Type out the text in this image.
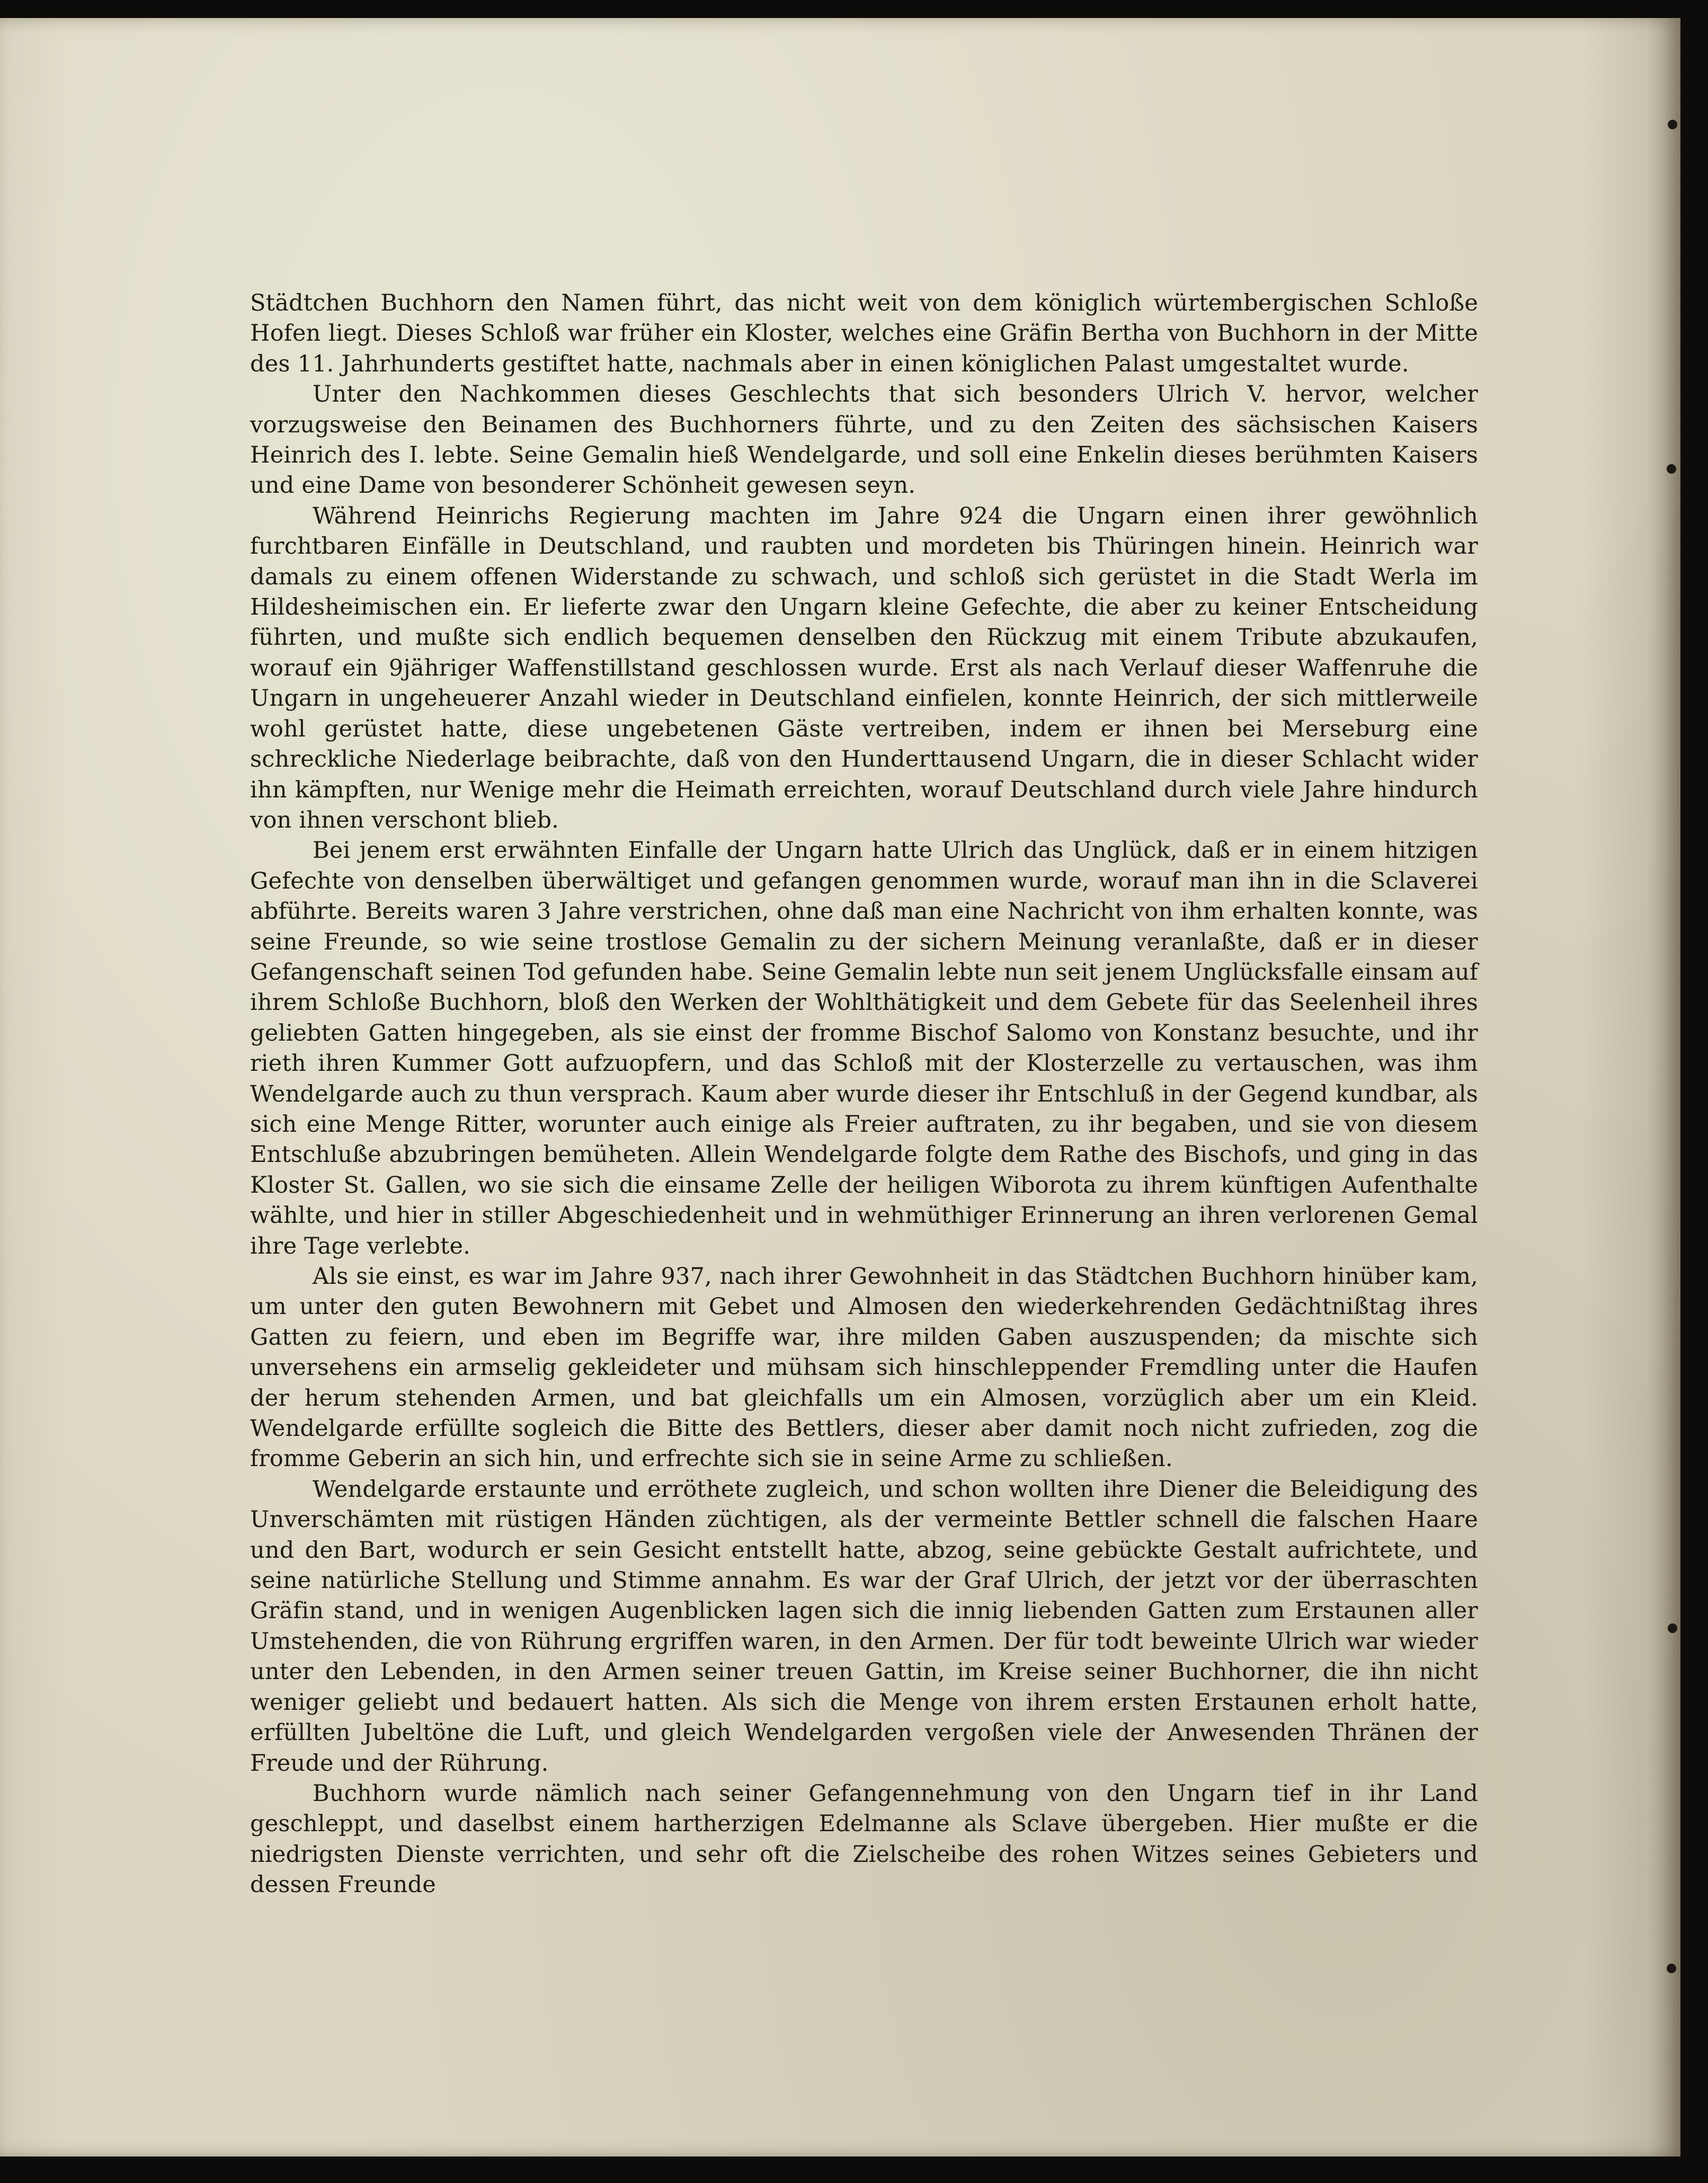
Städtchen Buchhorn den Namen führt, das nicht weit von dem königlich würtembergischen Schloße Hofen liegt. Dieses Schloß war früher ein Kloster, welches eine Gräfin Bertha von Buchhorn in der Mitte des 11. Jahrhunderts gestiftet hatte, nachmals aber in einen königlichen Palast umgestaltet wurde.

Unter den Nachkommen dieses Geschlechts that sich besonders Ulrich V. hervor, welcher vorzugsweise den Beinamen des Buchhorners führte, und zu den Zeiten des sächsischen Kaisers Heinrich des I. lebte. Seine Gemalin hieß Wendelgarde, und soll eine Enkelin dieses berühmten Kaisers und eine Dame von besonderer Schönheit gewesen seyn.

Während Heinrichs Regierung machten im Jahre 924 die Ungarn einen ihrer gewöhnlich furchtbaren Einfälle in Deutschland, und raubten und mordeten bis Thüringen hinein. Heinrich war damals zu einem offenen Widerstande zu schwach, und schloß sich gerüstet in die Stadt Werla im Hildesheimischen ein. Er lieferte zwar den Ungarn kleine Gefechte, die aber zu keiner Entscheidung führten, und mußte sich endlich bequemen denselben den Rückzug mit einem Tribute abzukaufen, worauf ein 9jähriger Waffenstillstand geschlossen wurde. Erst als nach Verlauf dieser Waffenruhe die Ungarn in ungeheuerer Anzahl wieder in Deutschland einfielen, konnte Heinrich, der sich mittlerweile wohl gerüstet hatte, diese ungebetenen Gäste vertreiben, indem er ihnen bei Merseburg eine schreckliche Niederlage beibrachte, daß von den Hunderttausend Ungarn, die in dieser Schlacht wider ihn kämpften, nur Wenige mehr die Heimath erreichten, worauf Deutschland durch viele Jahre hindurch von ihnen verschont blieb.

Bei jenem erst erwähnten Einfalle der Ungarn hatte Ulrich das Unglück, daß er in einem hitzigen Gefechte von denselben überwältiget und gefangen genommen wurde, worauf man ihn in die Sclaverei abführte. Bereits waren 3 Jahre verstrichen, ohne daß man eine Nachricht von ihm erhalten konnte, was seine Freunde, so wie seine trostlose Gemalin zu der sichern Meinung veranlaßte, daß er in dieser Gefangenschaft seinen Tod gefunden habe. Seine Gemalin lebte nun seit jenem Unglücksfalle einsam auf ihrem Schloße Buchhorn, bloß den Werken der Wohlthätigkeit und dem Gebete für das Seelenheil ihres geliebten Gatten hingegeben, als sie einst der fromme Bischof Salomo von Konstanz besuchte, und ihr rieth ihren Kummer Gott aufzuopfern, und das Schloß mit der Klosterzelle zu vertauschen, was ihm Wendelgarde auch zu thun versprach. Kaum aber wurde dieser ihr Entschluß in der Gegend kundbar, als sich eine Menge Ritter, worunter auch einige als Freier auftraten, zu ihr begaben, und sie von diesem Entschluße abzubringen bemüheten. Allein Wendelgarde folgte dem Rathe des Bischofs, und ging in das Kloster St. Gallen, wo sie sich die einsame Zelle der heiligen Wiborota zu ihrem künftigen Aufenthalte wählte, und hier in stiller Abgeschiedenheit und in wehmüthiger Erinnerung an ihren verlorenen Gemal ihre Tage verlebte.

Als sie einst, es war im Jahre 937, nach ihrer Gewohnheit in das Städtchen Buchhorn hinüber kam, um unter den guten Bewohnern mit Gebet und Almosen den wiederkehrenden Gedächtnißtag ihres Gatten zu feiern, und eben im Begriffe war, ihre milden Gaben auszuspenden; da mischte sich unversehens ein armselig gekleideter und mühsam sich hinschleppender Fremdling unter die Haufen der herum stehenden Armen, und bat gleichfalls um ein Almosen, vorzüglich aber um ein Kleid. Wendelgarde erfüllte sogleich die Bitte des Bettlers, dieser aber damit noch nicht zufrieden, zog die fromme Geberin an sich hin, und erfrechte sich sie in seine Arme zu schließen.

Wendelgarde erstaunte und erröthete zugleich, und schon wollten ihre Diener die Beleidigung des Unverschämten mit rüstigen Händen züchtigen, als der vermeinte Bettler schnell die falschen Haare und den Bart, wodurch er sein Gesicht entstellt hatte, abzog, seine gebückte Gestalt aufrichtete, und seine natürliche Stellung und Stimme annahm. Es war der Graf Ulrich, der jetzt vor der überraschten Gräfin stand, und in wenigen Augenblicken lagen sich die innig liebenden Gatten zum Erstaunen aller Umstehenden, die von Rührung ergriffen waren, in den Armen. Der für todt beweinte Ulrich war wieder unter den Lebenden, in den Armen seiner treuen Gattin, im Kreise seiner Buchhorner, die ihn nicht weniger geliebt und bedauert hatten. Als sich die Menge von ihrem ersten Erstaunen erholt hatte, erfüllten Jubeltöne die Luft, und gleich Wendelgarden vergoßen viele der Anwesenden Thränen der Freude und der Rührung.

Buchhorn wurde nämlich nach seiner Gefangennehmung von den Ungarn tief in ihr Land geschleppt, und daselbst einem hartherzigen Edelmanne als Sclave übergeben. Hier mußte er die niedrigsten Dienste verrichten, und sehr oft die Zielscheibe des rohen Witzes seines Gebieters und dessen Freunde
